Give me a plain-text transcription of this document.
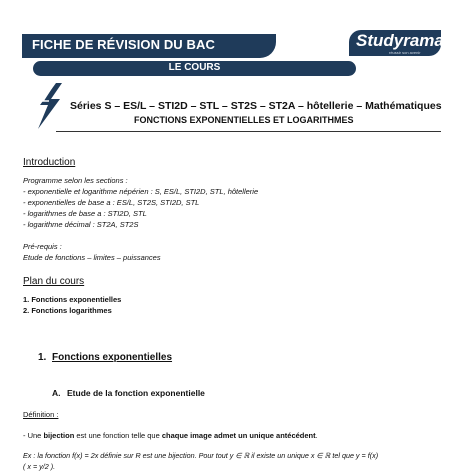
FICHE DE RÉVISION DU BAC	Studyrama
réussir son avenir
LE COURS
Séries S – ES/L – STI2D – STL – ST2S – ST2A – hôtellerie – Mathématiques
FONCTIONS EXPONENTIELLES ET LOGARITHMES
Introduction
Programme selon les sections :
- exponentielle et logarithme népérien : S, ES/L, STI2D, STL, hôtellerie
- exponentielles de base a : ES/L, ST2S, STI2D, STL
- logarithmes de base a : STI2D, STL
- logarithme décimal : ST2A, ST2S
Pré-requis :
Etude de fonctions – limites – puissances
Plan du cours
1. Fonctions exponentielles
2. Fonctions logarithmes
1. Fonctions exponentielles
A. Etude de la fonction exponentielle
Définition :
- Une bijection est une fonction telle que chaque image admet un unique antécédent.
Ex : la fonction f(x) = 2x définie sur R est une bijection. Pour tout y ∈ ℝ il existe un unique x ∈ ℝ tel que y = f(x)
( x = y/2 ).
